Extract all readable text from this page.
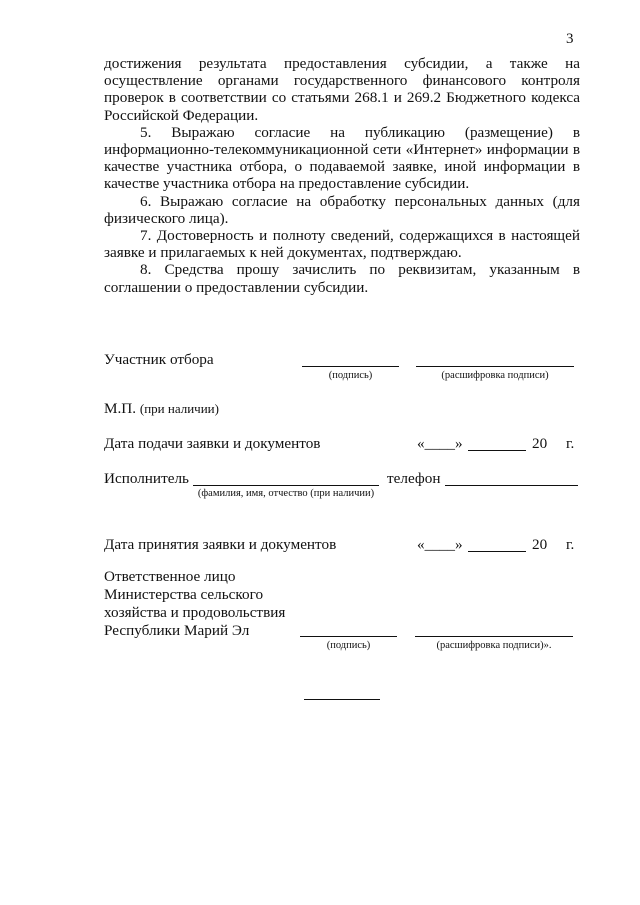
3

достижения результата предоставления субсидии, а также на осуществление органами государственного финансового контроля проверок в соответствии со статьями 268.1 и 269.2 Бюджетного кодекса Российской Федерации.

5. Выражаю согласие на публикацию (размещение) в информационно-телекоммуникационной сети «Интернет» информации в качестве участника отбора, о подаваемой заявке, иной информации в качестве участника отбора на предоставление субсидии.

6. Выражаю согласие на обработку персональных данных (для физического лица).

7. Достоверность и полноту сведений, содержащихся в настоящей заявке и прилагаемых к ней документах, подтверждаю.

8. Средства прошу зачислить по реквизитам, указанным в соглашении о предоставлении субсидии.

Участник отбора
(подпись)	(расшифровка подписи)
М.П. (при наличии)
Дата подачи заявки и документов	«____»	20 г.
Исполнитель
(фамилия, имя, отчество (при наличии)
телефон
Дата принятия заявки и документов	«____»	20 г.
Ответственное лицо
Министерства сельского
хозяйства и продовольствия
Республики Марий Эл
(подпись)	(расшифровка подписи)».
